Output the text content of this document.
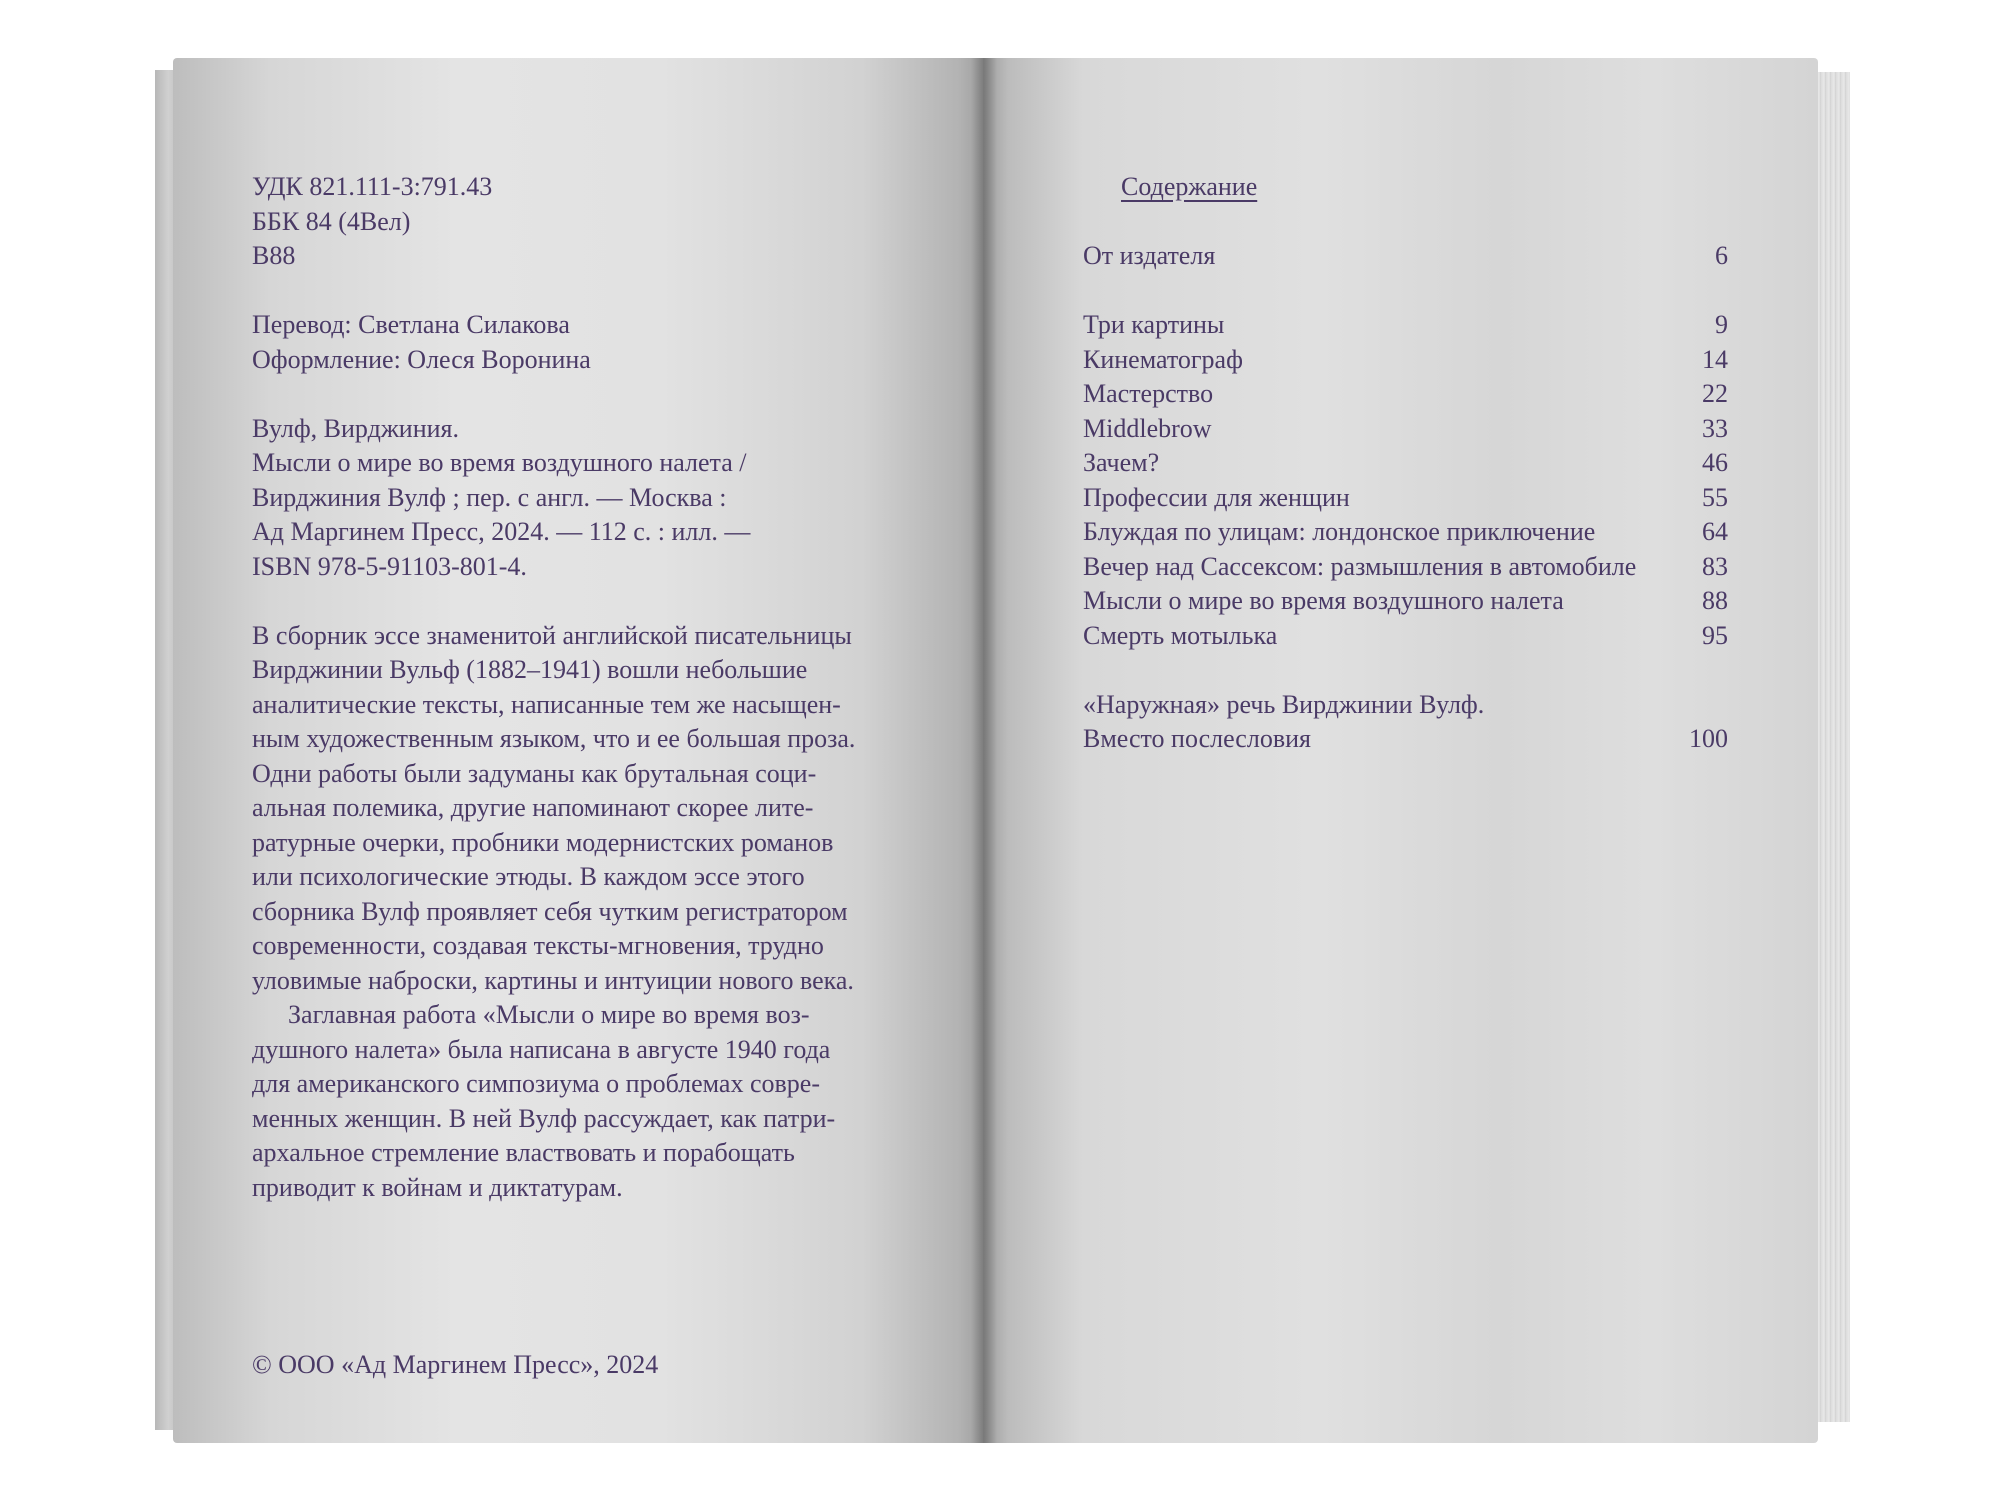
УДК 821.111-3:791.43
ББК 84 (4Вел)
В88
Перевод: Светлана Силакова
Оформление: Олеся Воронина
Вулф, Вирджиния.
Мысли о мире во время воздушного налета /
Вирджиния Вулф ; пер. с англ. — Москва :
Ад Маргинем Пресс, 2024. — 112 с. : илл. —
ISBN 978-5-91103-801-4.
В сборник эссе знаменитой английской писательницы
Вирджинии Вульф (1882–1941) вошли небольшие
аналитические тексты, написанные тем же насыщен-
ным художественным языком, что и ее большая проза.
Одни работы были задуманы как брутальная соци-
альная полемика, другие напоминают скорее лите-
ратурные очерки, пробники модернистских романов
или психологические этюды. В каждом эссе этого
сборника Вулф проявляет себя чутким регистратором
современности, создавая тексты-мгновения, трудно
уловимые наброски, картины и интуиции нового века.
Заглавная работа «Мысли о мире во время воз-
душного налета» была написана в августе 1940 года
для американского симпозиума о проблемах совре-
менных женщин. В ней Вулф рассуждает, как патри-
архальное стремление властвовать и порабощать
приводит к войнам и диктатурам.
© ООО «Ад Маргинем Пресс», 2024
Содержание
От издателя	6
Три картины	9
Кинематограф	14
Мастерство	22
Middlebrow	33
Зачем?	46
Профессии для женщин	55
Блуждая по улицам: лондонское приключение	64
Вечер над Сассексом: размышления в автомобиле	83
Мысли о мире во время воздушного налета	88
Смерть мотылька	95
«Наружная» речь Вирджинии Вулф.
Вместо послесловия	100
